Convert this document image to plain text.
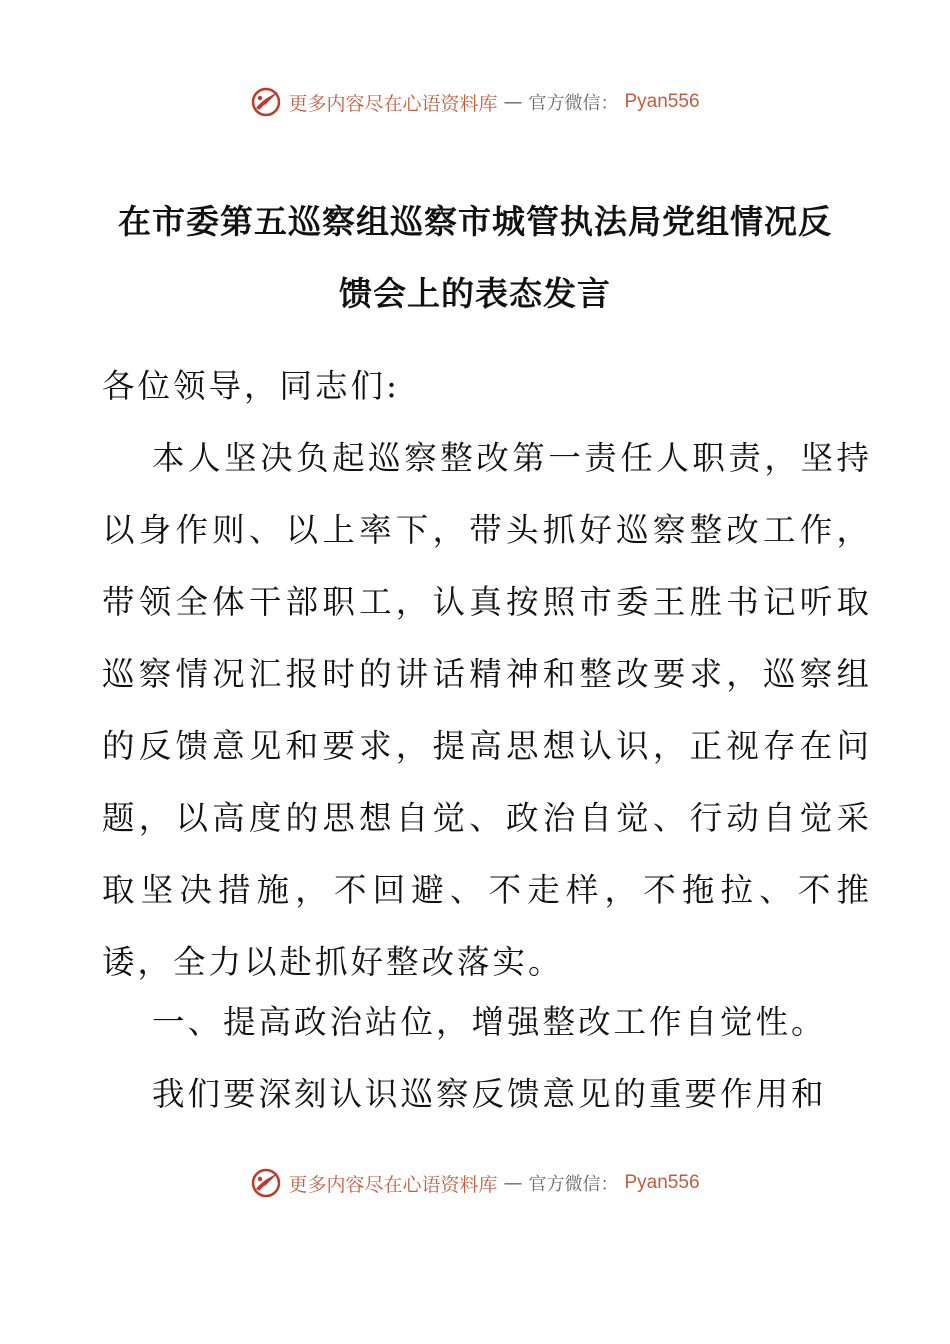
更多内容尽在心语资料库 — 官方微信： Pyan556
在市委第五巡察组巡察市城管执法局党组情况反
馈会上的表态发言
各位领导，同志们:
本人坚决负起巡察整改第一责任人职责，坚持以身作则、以上率下，带头抓好巡察整改工作，带领全体干部职工，认真按照市委王胜书记听取巡察情况汇报时的讲话精神和整改要求，巡察组的反馈意见和要求，提高思想认识，正视存在问题，以高度的思想自觉、政治自觉、行动自觉采取坚决措施，不回避、不走样，不拖拉、不推诿，全力以赴抓好整改落实。
一、提高政治站位，增强整改工作自觉性。
我们要深刻认识巡察反馈意见的重要作用和
更多内容尽在心语资料库 — 官方微信： Pyan556
